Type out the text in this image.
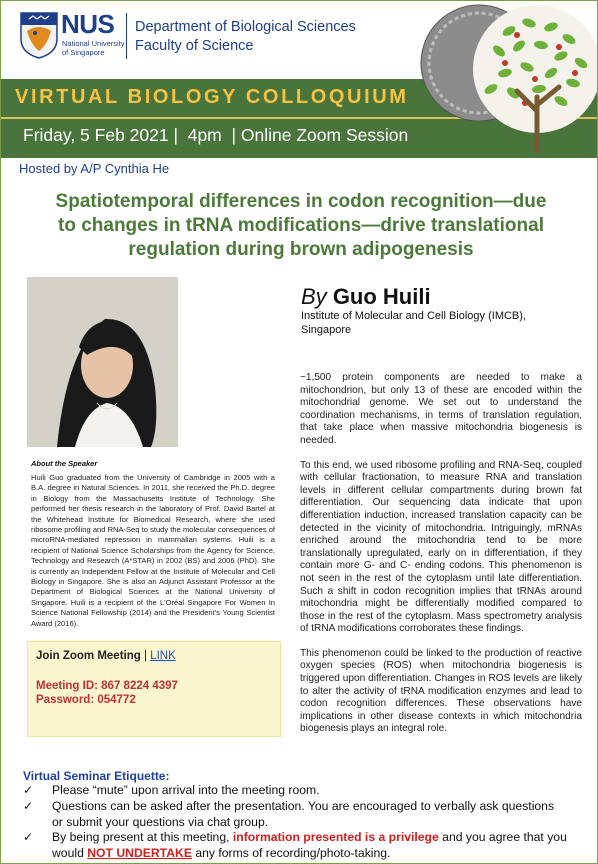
NUS
National University
of Singapore
Department of Biological Sciences
Faculty of Science
VIRTUAL BIOLOGY COLLOQUIUM
Friday, 5 Feb 2021 |  4pm  | Online Zoom Session
Hosted by A/P Cynthia He
Spatiotemporal differences in codon recognition—due
to changes in tRNA modifications—drive translational
regulation during brown adipogenesis
By Guo Huili
Institute of Molecular and Cell Biology (IMCB), Singapore

~1,500 protein components are needed to make a mitochondrion, but only 13 of these are encoded within the mitochondrial genome. We set out to understand the coordination mechanisms, in terms of translation regulation, that take place when massive mitochondria biogenesis is needed.

To this end, we used ribosome profiling and RNA-Seq, coupled with cellular fractionation, to measure RNA and translation levels in different cellular compartments during brown fat differentiation. Our sequencing data indicate that upon differentiation induction, increased translation capacity can be detected in the vicinity of mitochondria. Intriguingly, mRNAs enriched around the mitochondria tend to be more translationally upregulated, early on in differentiation, if they contain more G- and C- ending codons. This phenomenon is not seen in the rest of the cytoplasm until late differentiation. Such a shift in codon recognition implies that tRNAs around mitochondria might be differentially modified compared to those in the rest of the cytoplasm. Mass spectrometry analysis of tRNA modifications corroborates these findings.

This phenomenon could be linked to the production of reactive oxygen species (ROS) when mitochondria biogenesis is triggered upon differentiation. Changes in ROS levels are likely to alter the activity of tRNA modification enzymes and lead to codon recognition differences. These observations have implications in other disease contexts in which mitochondria biogenesis plays an integral role.

About the Speaker
Huili Guo graduated from the University of Cambridge in 2005 with a B.A. degree in Natural Sciences. In 2011, she received the Ph.D. degree in Biology from the Massachusetts Institute of Technology. She performed her thesis research in the laboratory of Prof. David Bartel at the Whitehead Institute for Biomedical Research, where she used ribosome profiling and RNA-Seq to study the molecular consequences of microRNA-mediated repression in mammalian systems. Huili is a recipient of National Science Scholarships from the Agency for Science, Technology and Research (A*STAR) in 2002 (BS) and 2006 (PhD). She is currently an Independent Fellow at the Institute of Molecular and Cell Biology in Singapore. She is also an Adjunct Assistant Professor at the Department of Biological Sciences at the National University of Singapore. Huili is a recipient of the L'Oréal Singapore For Women In Science National Fellowship (2014) and the President's Young Scientist Award (2016).
Join Zoom Meeting | LINK
Meeting ID: 867 8224 4397
Password: 054772
Virtual Seminar Etiquette:
✓	Please “mute” upon arrival into the meeting room.
✓	Questions can be asked after the presentation. You are encouraged to verbally ask questions
or submit your questions via chat group.
✓	By being present at this meeting, information presented is a privilege and you agree that you
would NOT UNDERTAKE any forms of recording/photo-taking.
